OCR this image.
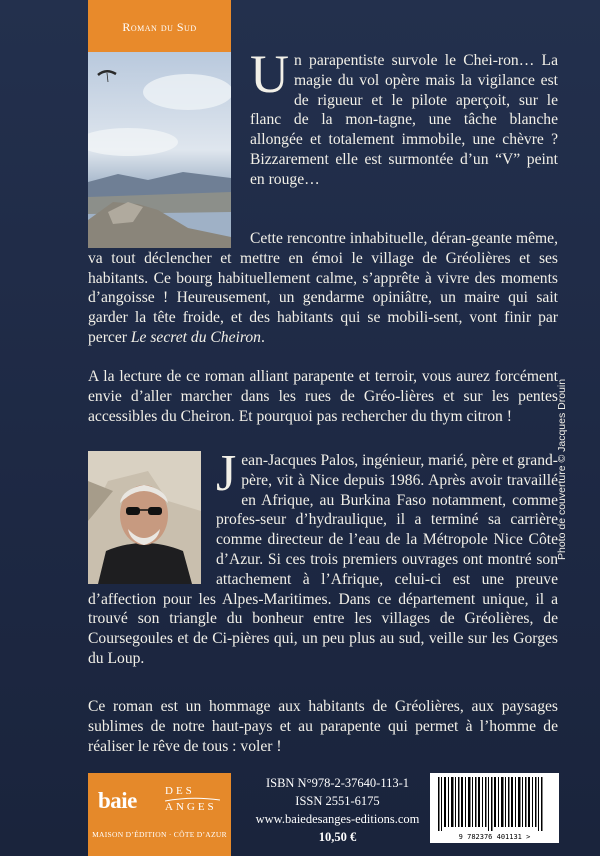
Roman du Sud
Un parapentiste survole le Chei-ron… La magie du vol opère mais la vigilance est de rigueur et le pilote aperçoit, sur le flanc de la mon-tagne, une tâche blanche allongée et totalement immobile, une chèvre ? Bizzarement elle est surmontée d’un “V” peint en rouge…
Cette rencontre inhabituelle, déran-geante même, va tout déclencher et mettre en émoi le village de Gréolières et ses habitants. Ce bourg habituellement calme, s’apprête à vivre des moments d’angoisse ! Heureusement, un gendarme opiniâtre, un maire qui sait garder la tête froide, et des habitants qui se mobili-sent, vont finir par percer Le secret du Cheiron.
A la lecture de ce roman alliant parapente et terroir, vous aurez forcément envie d’aller marcher dans les rues de Gréo-lières et sur les pentes accessibles du Cheiron. Et pourquoi pas rechercher du thym citron !
Jean-Jacques Palos, ingénieur, marié, père et grand-père, vit à Nice depuis 1986. Après avoir travaillé en Afrique, au Burkina Faso notamment, comme profes-seur d’hydraulique, il a terminé sa carrière comme directeur de l’eau de la Métropole Nice Côte d’Azur. Si ces trois premiers ouvrages ont montré son attachement à l’Afrique, celui-ci est une preuve d’affection pour les Alpes-Maritimes. Dans ce département unique, il a trouvé son triangle du bonheur entre les villages de Gréolières, de Coursegoules et de Ci-pières qui, un peu plus au sud, veille sur les Gorges du Loup.
Ce roman est un hommage aux habitants de Gréolières, aux paysages sublimes de notre haut-pays et au parapente qui permet à l’homme de réaliser le rêve de tous : voler !
Photo de couverture © Jacques Drouin
baie	DES
ANGES
MAISON D’ÉDITION · CÔTE D’AZUR
ISBN N°978-2-37640-113-1
ISSN 2551-6175
www.baiedesanges-editions.com
10,50 €	9 782376 401131 >
